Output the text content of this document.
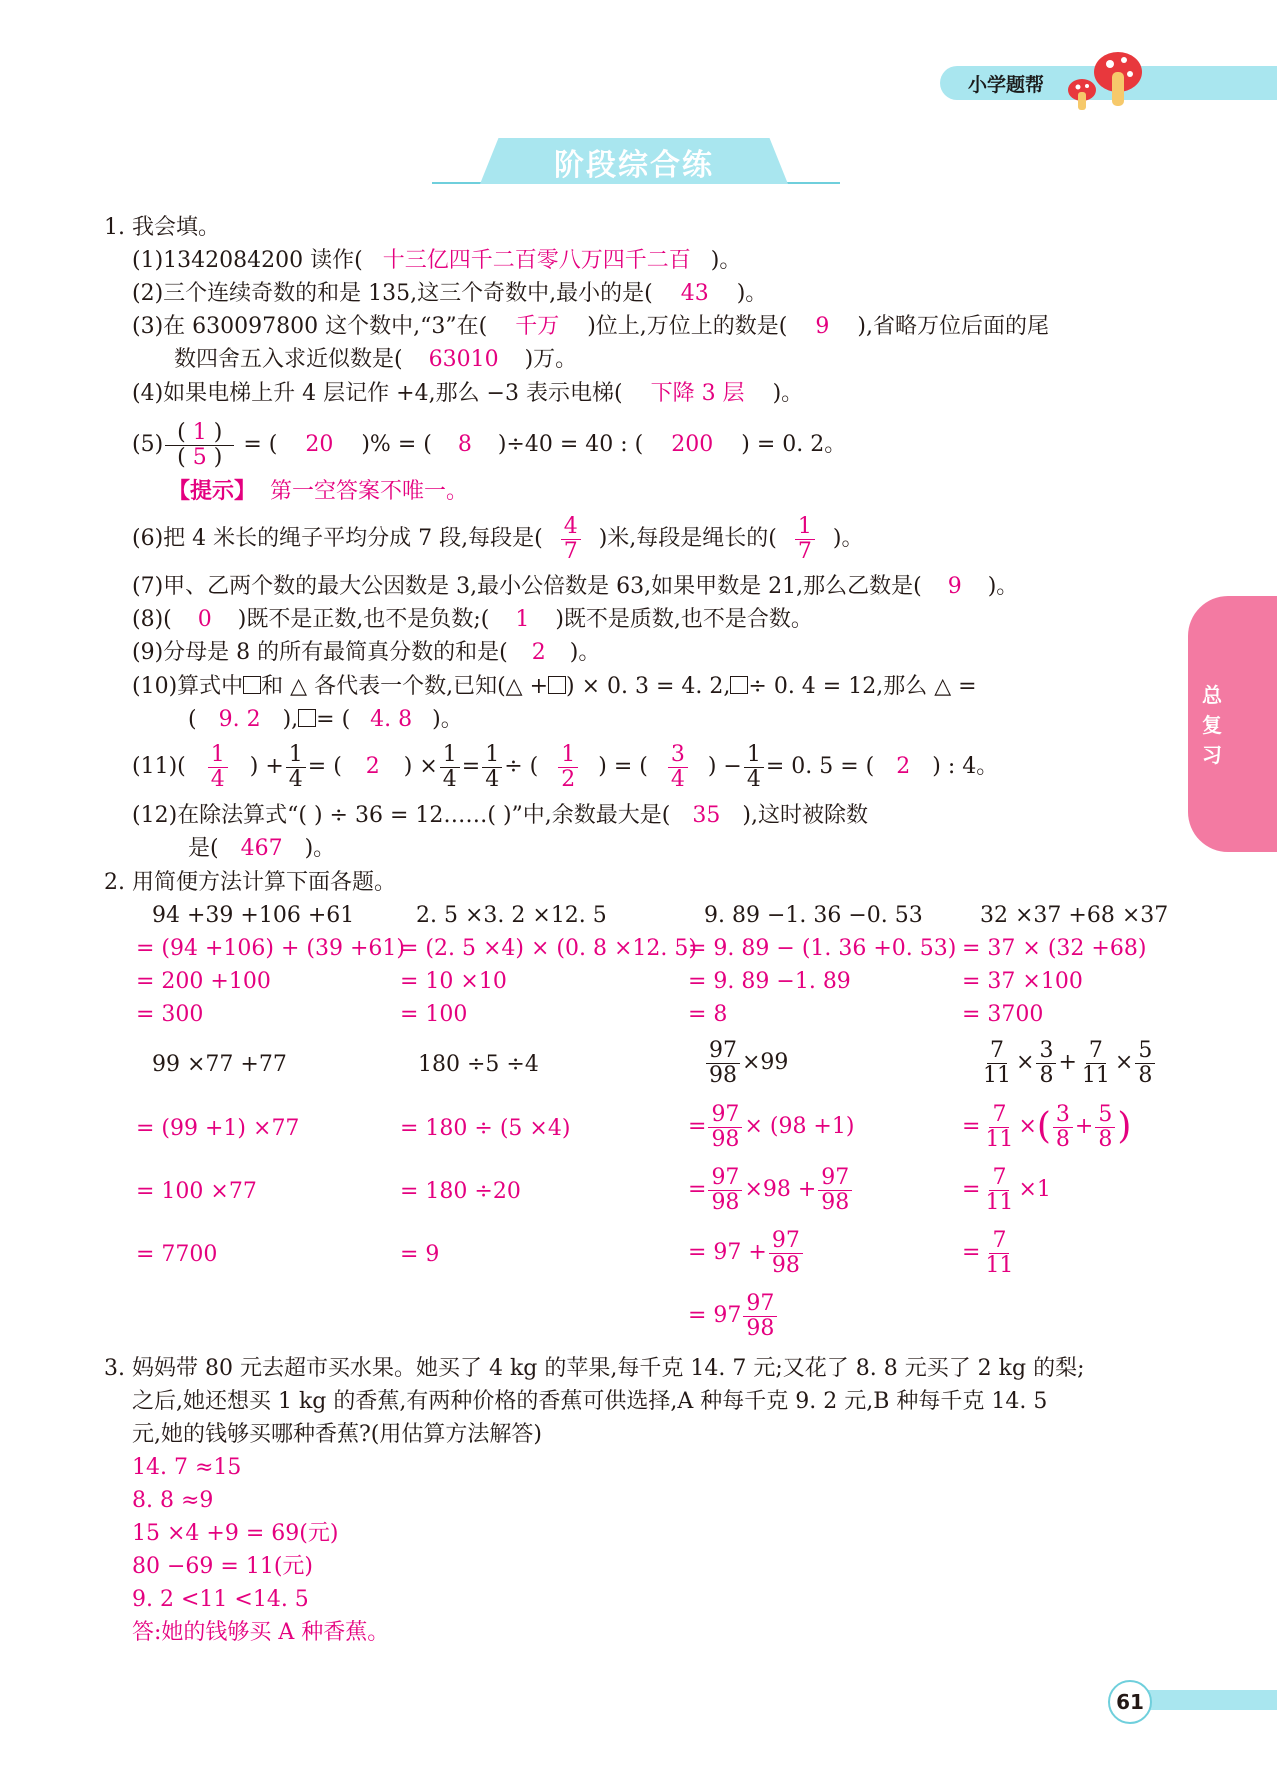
小学题帮
阶段综合练
总
复
习
61
1. 我会填。
(1)1342084200 读作( 十三亿四千二百零八万四千二百 )。
(2)三个连续奇数的和是 135,这三个奇数中,最小的是( 43 )。
(3)在 630097800 这个数中,“3”在( 千万 )位上,万位上的数是( 9 ),省略万位后面的尾
数四舍五入求近似数是( 63010 )万。
(4)如果电梯上升 4 层记作 +4,那么 −3 表示电梯( 下降 3 层 )。
$(5) \frac{( 1 )}{( 5 )}$ = ( 20 )% = ( 8 )÷40 = 40 : ( 200 ) = 0. 2。
【提示】 第一空答案不唯一。
(6)把 4 米长的绳子平均分成 7 段,每段是( $\frac{4}{7}$ )米,每段是绳长的( $\frac{1}{7}$ )。
(7)甲、乙两个数的最大公因数是 3,最小公倍数是 63,如果甲数是 21,那么乙数是( 9 )。
(8)( 0 )既不是正数,也不是负数;( 1 )既不是质数,也不是合数。
(9)分母是 8 的所有最简真分数的和是( 2 )。
(10)算式中 和 △ 各代表一个数,已知(△ + ) × 0. 3 = 4. 2, ÷ 0. 4 = 12,那么 △ =
( 9. 2 ), = ( 4. 8 )。
$(11)( \frac{1}{4}$ ) + $\frac{1}{4}$ = ( 2 ) × $\frac{1}{4} = \frac{1}{4}$ ÷ ( $\frac{1}{2}$ ) = ( $\frac{3}{4}$ ) − $\frac{1}{4} = 0$. 5 = ( 2 ) : 4。
(12)在除法算式“( ) ÷ 36 = 12……( )”中,余数最大是( 35 ),这时被除数
是( 467 )。
2. 用简便方法计算下面各题。
94 +39 +106 +61
= (94 +106) + (39 +61)
= 200 +100
= 300
2. 5 ×3. 2 ×12. 5
= (2. 5 ×4) × (0. 8 ×12. 5)
= 10 ×10
= 100
9. 89 −1. 36 −0. 53
= 9. 89 − (1. 36 +0. 53)
= 9. 89 −1. 89
= 8
32 ×37 +68 ×37
= 37 × (32 +68)
= 37 ×100
= 3700
99 ×77 +77
= (99 +1) ×77
= 100 ×77
= 7700
180 ÷5 ÷4
= 180 ÷ (5 ×4)
= 180 ÷20
= 9
$\frac{97}{98} \times 99$
= $\frac{97}{98} \times (98 +1)$
= $\frac{97}{98} \times 98 + \frac{97}{98}$
= $97 + \frac{97}{98}$
= $97 \frac{97}{98}$
$\frac{7}{11} \times \frac{3}{8} + \frac{7}{11} \times \frac{5}{8}$
= $\frac{7}{11}$ ×( $\frac{3}{8} + \frac{5}{8}$ )
= $\frac{7}{11} \times 1$
= $\frac{7}{11}$
3. 妈妈带 80 元去超市买水果。她买了 4 kg 的苹果,每千克 14. 7 元;又花了 8. 8 元买了 2 kg 的梨;
之后,她还想买 1 kg 的香蕉,有两种价格的香蕉可供选择,A 种每千克 9. 2 元,B 种每千克 14. 5
元,她的钱够买哪种香蕉?(用估算方法解答)
14. 7 ≈15
8. 8 ≈9
15 ×4 +9 = 69(元)
80 −69 = 11(元)
9. 2 <11 <14. 5
答:她的钱够买 A 种香蕉。
